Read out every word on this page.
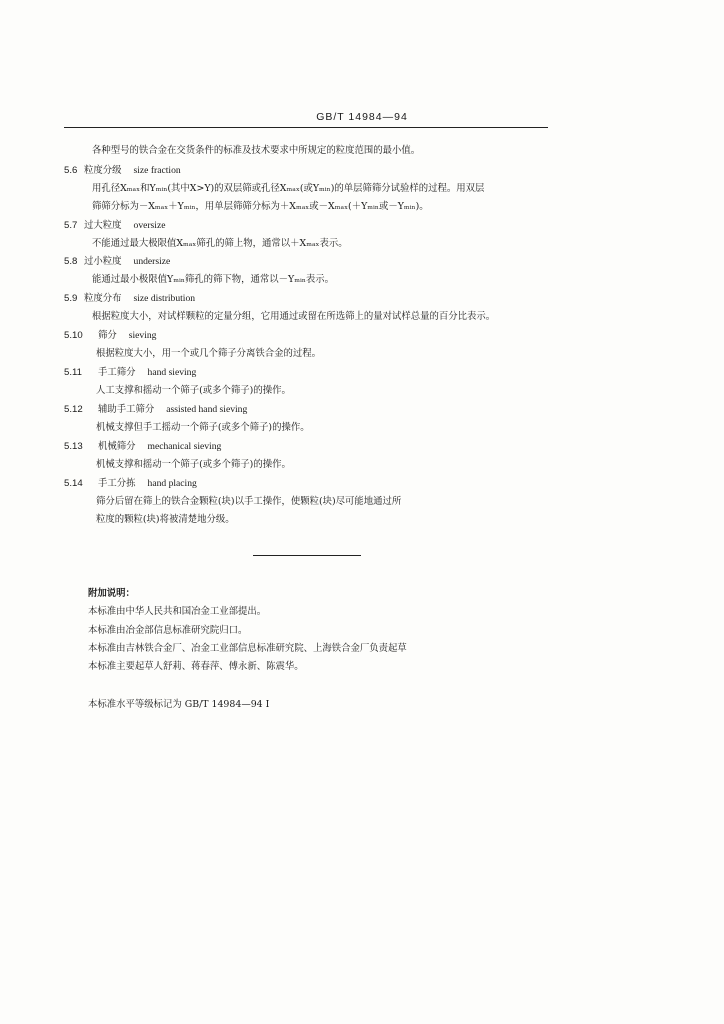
GB/T 14984—94
各种型号的铁合金在交货条件的标准及技术要求中所规定的粒度范围的最小值。
5.6 粒度分级 size fraction
用孔径Xₘₐₓ和Yₘᵢₙ(其中X>Y)的双层筛或孔径Xₘₐₓ(或Yₘᵢₙ)的单层筛筛分试验样的过程。用双层
筛筛分标为－Xₘₐₓ＋Yₘᵢₙ，用单层筛筛分标为＋Xₘₐₓ或－Xₘₐₓ(＋Yₘᵢₙ或－Yₘᵢₙ)。
5.7 过大粒度 oversize
不能通过最大极限值Xₘₐₓ筛孔的筛上物，通常以＋Xₘₐₓ表示。
5.8 过小粒度 undersize
能通过最小极限值Yₘᵢₙ筛孔的筛下物，通常以－Yₘᵢₙ表示。
5.9 粒度分布 size distribution
根据粒度大小，对试样颗粒的定量分组，它用通过或留在所选筛上的量对试样总量的百分比表示。
5.10 筛分 sieving
根据粒度大小，用一个或几个筛子分离铁合金的过程。
5.11 手工筛分 hand sieving
人工支撑和摇动一个筛子(或多个筛子)的操作。
5.12 辅助手工筛分 assisted hand sieving
机械支撑但手工摇动一个筛子(或多个筛子)的操作。
5.13 机械筛分 mechanical sieving
机械支撑和摇动一个筛子(或多个筛子)的操作。
5.14 手工分拣 hand placing
筛分后留在筛上的铁合金颗粒(块)以手工操作，使颗粒(块)尽可能地通过所
粒度的颗粒(块)将被清楚地分级。
附加说明：
本标准由中华人民共和国冶金工业部提出。
本标准由冶金部信息标准研究院归口。
本标准由吉林铁合金厂、冶金工业部信息标准研究院、上海铁合金厂负责起草
本标准主要起草人舒莉、蒋春萍、傅永新、陈震华。
本标准水平等级标记为 GB/T 14984—94 I
